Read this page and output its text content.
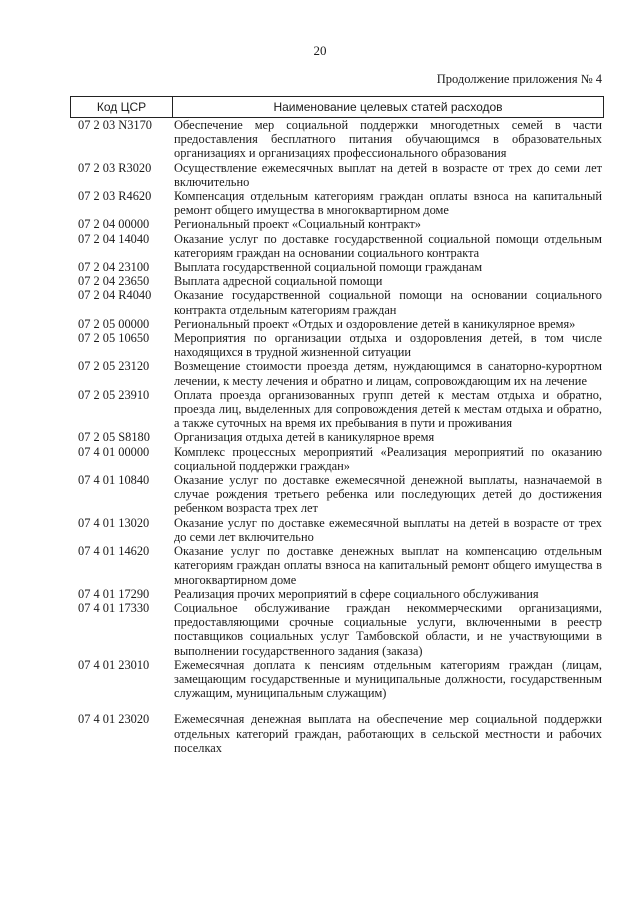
20
Продолжение приложения № 4
Код ЦСР	Наименование целевых статей расходов
07 2 03 N3170	Обеспечение мер социальной поддержки многодетных семей в части предоставления бесплатного питания обучающимся в образовательных организациях и организациях профессионального образования
07 2 03 R3020	Осуществление ежемесячных выплат на детей в возрасте от трех до семи лет включительно
07 2 03 R4620	Компенсация отдельным категориям граждан оплаты взноса на капитальный ремонт общего имущества в многоквартирном доме
07 2 04 00000	Региональный проект «Социальный контракт»
07 2 04 14040	Оказание услуг по доставке государственной социальной помощи отдельным категориям граждан на основании социального контракта
07 2 04 23100	Выплата государственной социальной помощи гражданам
07 2 04 23650	Выплата адресной социальной помощи
07 2 04 R4040	Оказание государственной социальной помощи на основании социального контракта отдельным категориям граждан
07 2 05 00000	Региональный проект «Отдых и оздоровление детей в каникулярное время»
07 2 05 10650	Мероприятия по организации отдыха и оздоровления детей, в том числе находящихся в трудной жизненной ситуации
07 2 05 23120	Возмещение стоимости проезда детям, нуждающимся в санаторно-курортном лечении, к месту лечения и обратно и лицам, сопровождающим их на лечение
07 2 05 23910	Оплата проезда организованных групп детей к местам отдыха и обратно, проезда лиц, выделенных для сопровождения детей к местам отдыха и обратно, а также суточных на время их пребывания в пути и проживания
07 2 05 S8180	Организация отдыха детей в каникулярное время
07 4 01 00000	Комплекс процессных мероприятий «Реализация мероприятий по оказанию социальной поддержки граждан»
07 4 01 10840	Оказание услуг по доставке ежемесячной денежной выплаты, назначаемой в случае рождения третьего ребенка или последующих детей до достижения ребенком возраста трех лет
07 4 01 13020	Оказание услуг по доставке ежемесячной выплаты на детей в возрасте от трех до семи лет включительно
07 4 01 14620	Оказание услуг по доставке денежных выплат на компенсацию отдельным категориям граждан оплаты взноса на капитальный ремонт общего имущества в многоквартирном доме
07 4 01 17290	Реализация прочих мероприятий в сфере социального обслуживания
07 4 01 17330	Социальное обслуживание граждан некоммерческими организациями, предоставляющими срочные социальные услуги, включенными в реестр поставщиков социальных услуг Тамбовской области, и не участвующими в выполнении государственного задания (заказа)
07 4 01 23010	Ежемесячная доплата к пенсиям отдельным категориям граждан (лицам, замещающим государственные и муниципальные должности, государственным служащим, муниципальным служащим)
07 4 01 23020	Ежемесячная денежная выплата на обеспечение мер социальной поддержки отдельных категорий граждан, работающих в сельской местности и рабочих поселках
